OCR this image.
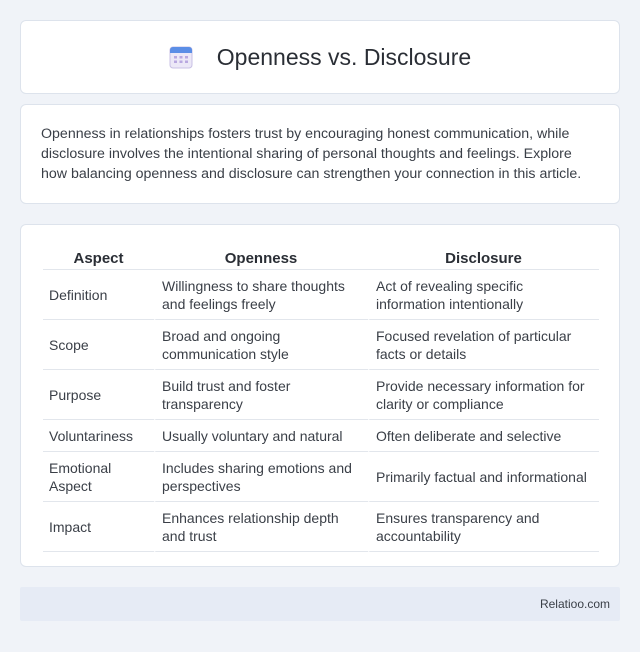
Openness vs. Disclosure

Openness in relationships fosters trust by encouraging honest communication, while disclosure involves the intentional sharing of personal thoughts and feelings. Explore how balancing openness and disclosure can strengthen your connection in this article.

Aspect	Openness	Disclosure
Definition	Willingness to share thoughts and feelings freely	Act of revealing specific information intentionally
Scope	Broad and ongoing communication style	Focused revelation of particular facts or details
Purpose	Build trust and foster transparency	Provide necessary information for clarity or compliance
Voluntariness	Usually voluntary and natural	Often deliberate and selective
Emotional Aspect	Includes sharing emotions and perspectives	Primarily factual and informational
Impact	Enhances relationship depth and trust	Ensures transparency and accountability
Relatioo.com
